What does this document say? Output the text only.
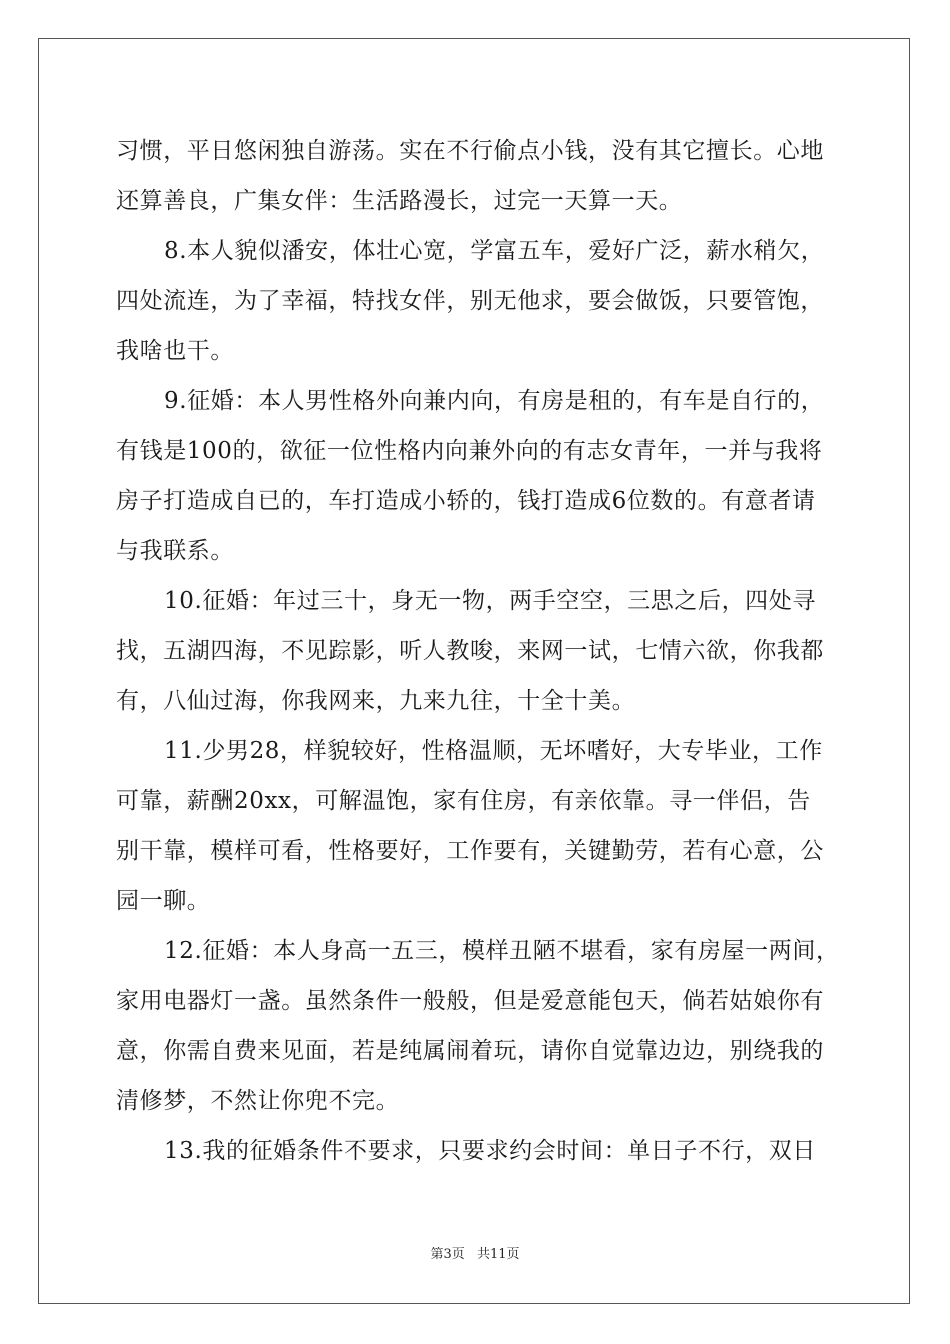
习惯，平日悠闲独自游荡。实在不行偷点小钱，没有其它擅长。心地
还算善良，广集女伴：生活路漫长，过完一天算一天。
8.本人貌似潘安，体壮心宽，学富五车，爱好广泛，薪水稍欠，
四处流连，为了幸福，特找女伴，别无他求，要会做饭，只要管饱，
我啥也干。
9.征婚：本人男性格外向兼内向，有房是租的，有车是自行的，
有钱是100的，欲征一位性格内向兼外向的有志女青年，一并与我将
房子打造成自已的，车打造成小轿的，钱打造成6位数的。有意者请
与我联系。
10.征婚：年过三十，身无一物，两手空空，三思之后，四处寻
找，五湖四海，不见踪影，听人教唆，来网一试，七情六欲，你我都
有，八仙过海，你我网来，九来九往，十全十美。
11.少男28，样貌较好，性格温顺，无坏嗜好，大专毕业，工作
可靠，薪酬20xx，可解温饱，家有住房，有亲依靠。寻一伴侣，告
别干靠，模样可看，性格要好，工作要有，关键勤劳，若有心意，公
园一聊。
12.征婚：本人身高一五三，模样丑陋不堪看，家有房屋一两间，
家用电器灯一盏。虽然条件一般般，但是爱意能包天，倘若姑娘你有
意，你需自费来见面，若是纯属闹着玩，请你自觉靠边边，别绕我的
清修梦，不然让你兜不完。
13.我的征婚条件不要求，只要求约会时间：单日子不行，双日
第3页 共11页
